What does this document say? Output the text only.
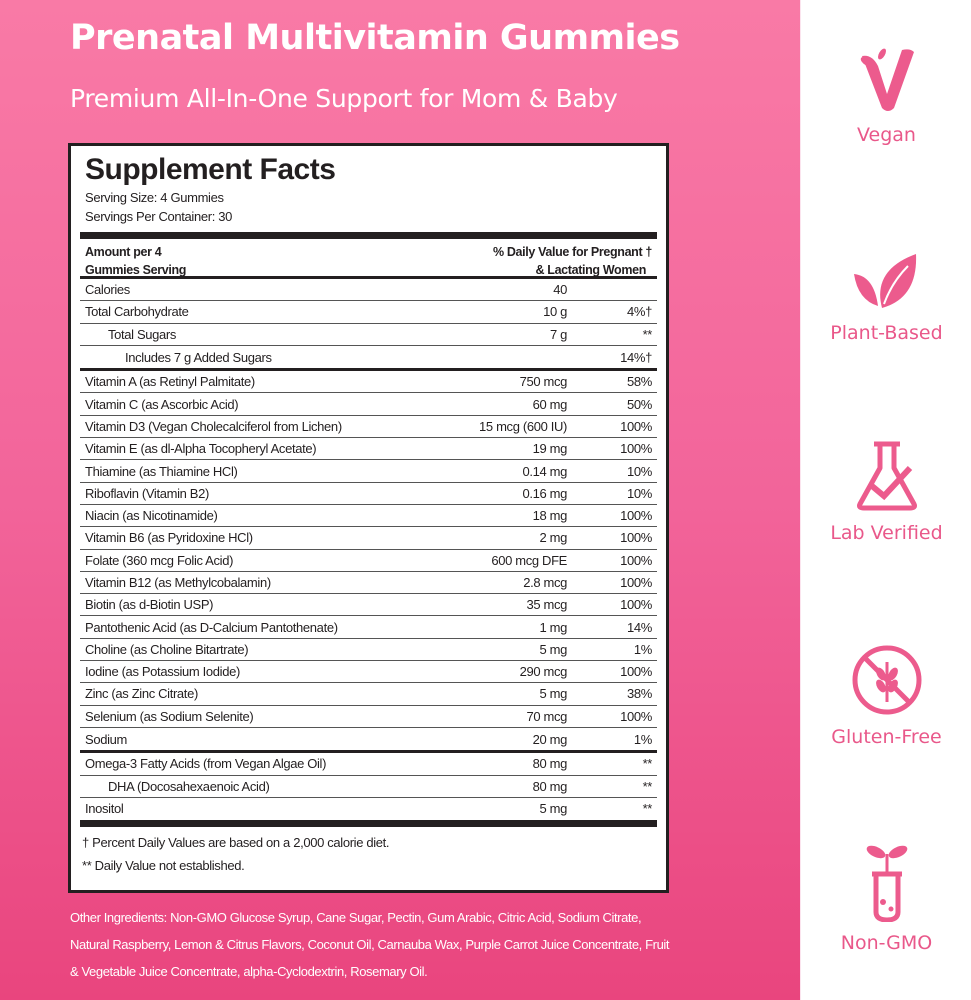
Prenatal Multivitamin Gummies
Premium All-In-One Support for Mom & Baby
Supplement Facts
Serving Size: 4 Gummies
Servings Per Container: 30
Amount per 4
Gummies Serving
% Daily Value for Pregnant †
& Lactating Women
Calories	40
Total Carbohydrate	10 g	4%†
Total Sugars	7 g	**
Includes 7 g Added Sugars	14%†
Vitamin A (as Retinyl Palmitate)	750 mcg	58%
Vitamin C (as Ascorbic Acid)	60 mg	50%
Vitamin D3 (Vegan Cholecalciferol from Lichen)	15 mcg (600 IU)	100%
Vitamin E (as dl-Alpha Tocopheryl Acetate)	19 mg	100%
Thiamine (as Thiamine HCl)	0.14 mg	10%
Riboflavin (Vitamin B2)	0.16 mg	10%
Niacin (as Nicotinamide)	18 mg	100%
Vitamin B6 (as Pyridoxine HCl)	2 mg	100%
Folate (360 mcg Folic Acid)	600 mcg DFE	100%
Vitamin B12 (as Methylcobalamin)	2.8 mcg	100%
Biotin (as d-Biotin USP)	35 mcg	100%
Pantothenic Acid (as D-Calcium Pantothenate)	1 mg	14%
Choline (as Choline Bitartrate)	5 mg	1%
Iodine (as Potassium Iodide)	290 mcg	100%
Zinc (as Zinc Citrate)	5 mg	38%
Selenium (as Sodium Selenite)	70 mcg	100%
Sodium	20 mg	1%
Omega-3 Fatty Acids (from Vegan Algae Oil)	80 mg	**
DHA (Docosahexaenoic Acid)	80 mg	**
Inositol	5 mg	**
† Percent Daily Values are based on a 2,000 calorie diet.
** Daily Value not established.
Other Ingredients: Non-GMO Glucose Syrup, Cane Sugar, Pectin, Gum Arabic, Citric Acid, Sodium Citrate, Natural Raspberry, Lemon & Citrus Flavors, Coconut Oil, Carnauba Wax, Purple Carrot Juice Concentrate, Fruit & Vegetable Juice Concentrate, alpha-Cyclodextrin, Rosemary Oil.
Vegan
Plant-Based
Lab Verified
Gluten-Free
Non-GMO
